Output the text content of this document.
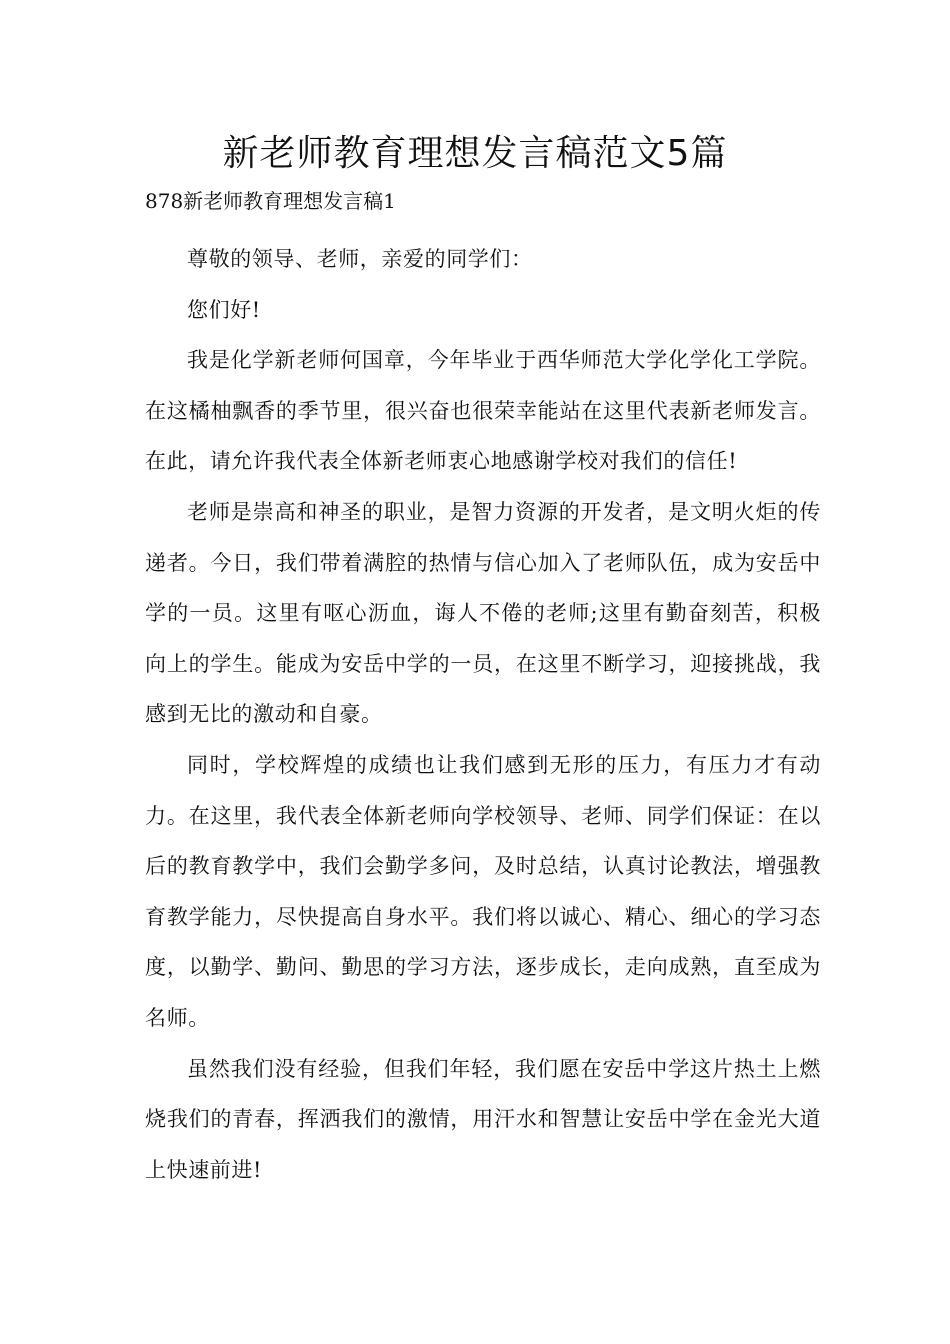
新老师教育理想发言稿范文5篇

878新老师教育理想发言稿1

尊敬的领导、老师，亲爱的同学们：

您们好!

我是化学新老师何国章，今年毕业于西华师范大学化学化工学院。在这橘柚飘香的季节里，很兴奋也很荣幸能站在这里代表新老师发言。在此，请允许我代表全体新老师衷心地感谢学校对我们的信任!

老师是崇高和神圣的职业，是智力资源的开发者，是文明火炬的传递者。今日，我们带着满腔的热情与信心加入了老师队伍，成为安岳中学的一员。这里有呕心沥血，诲人不倦的老师;这里有勤奋刻苦，积极向上的学生。能成为安岳中学的一员，在这里不断学习，迎接挑战，我感到无比的激动和自豪。

同时，学校辉煌的成绩也让我们感到无形的压力，有压力才有动力。在这里，我代表全体新老师向学校领导、老师、同学们保证：在以后的教育教学中，我们会勤学多问，及时总结，认真讨论教法，增强教育教学能力，尽快提高自身水平。我们将以诚心、精心、细心的学习态度，以勤学、勤问、勤思的学习方法，逐步成长，走向成熟，直至成为名师。

虽然我们没有经验，但我们年轻，我们愿在安岳中学这片热土上燃烧我们的青春，挥洒我们的激情，用汗水和智慧让安岳中学在金光大道上快速前进!
